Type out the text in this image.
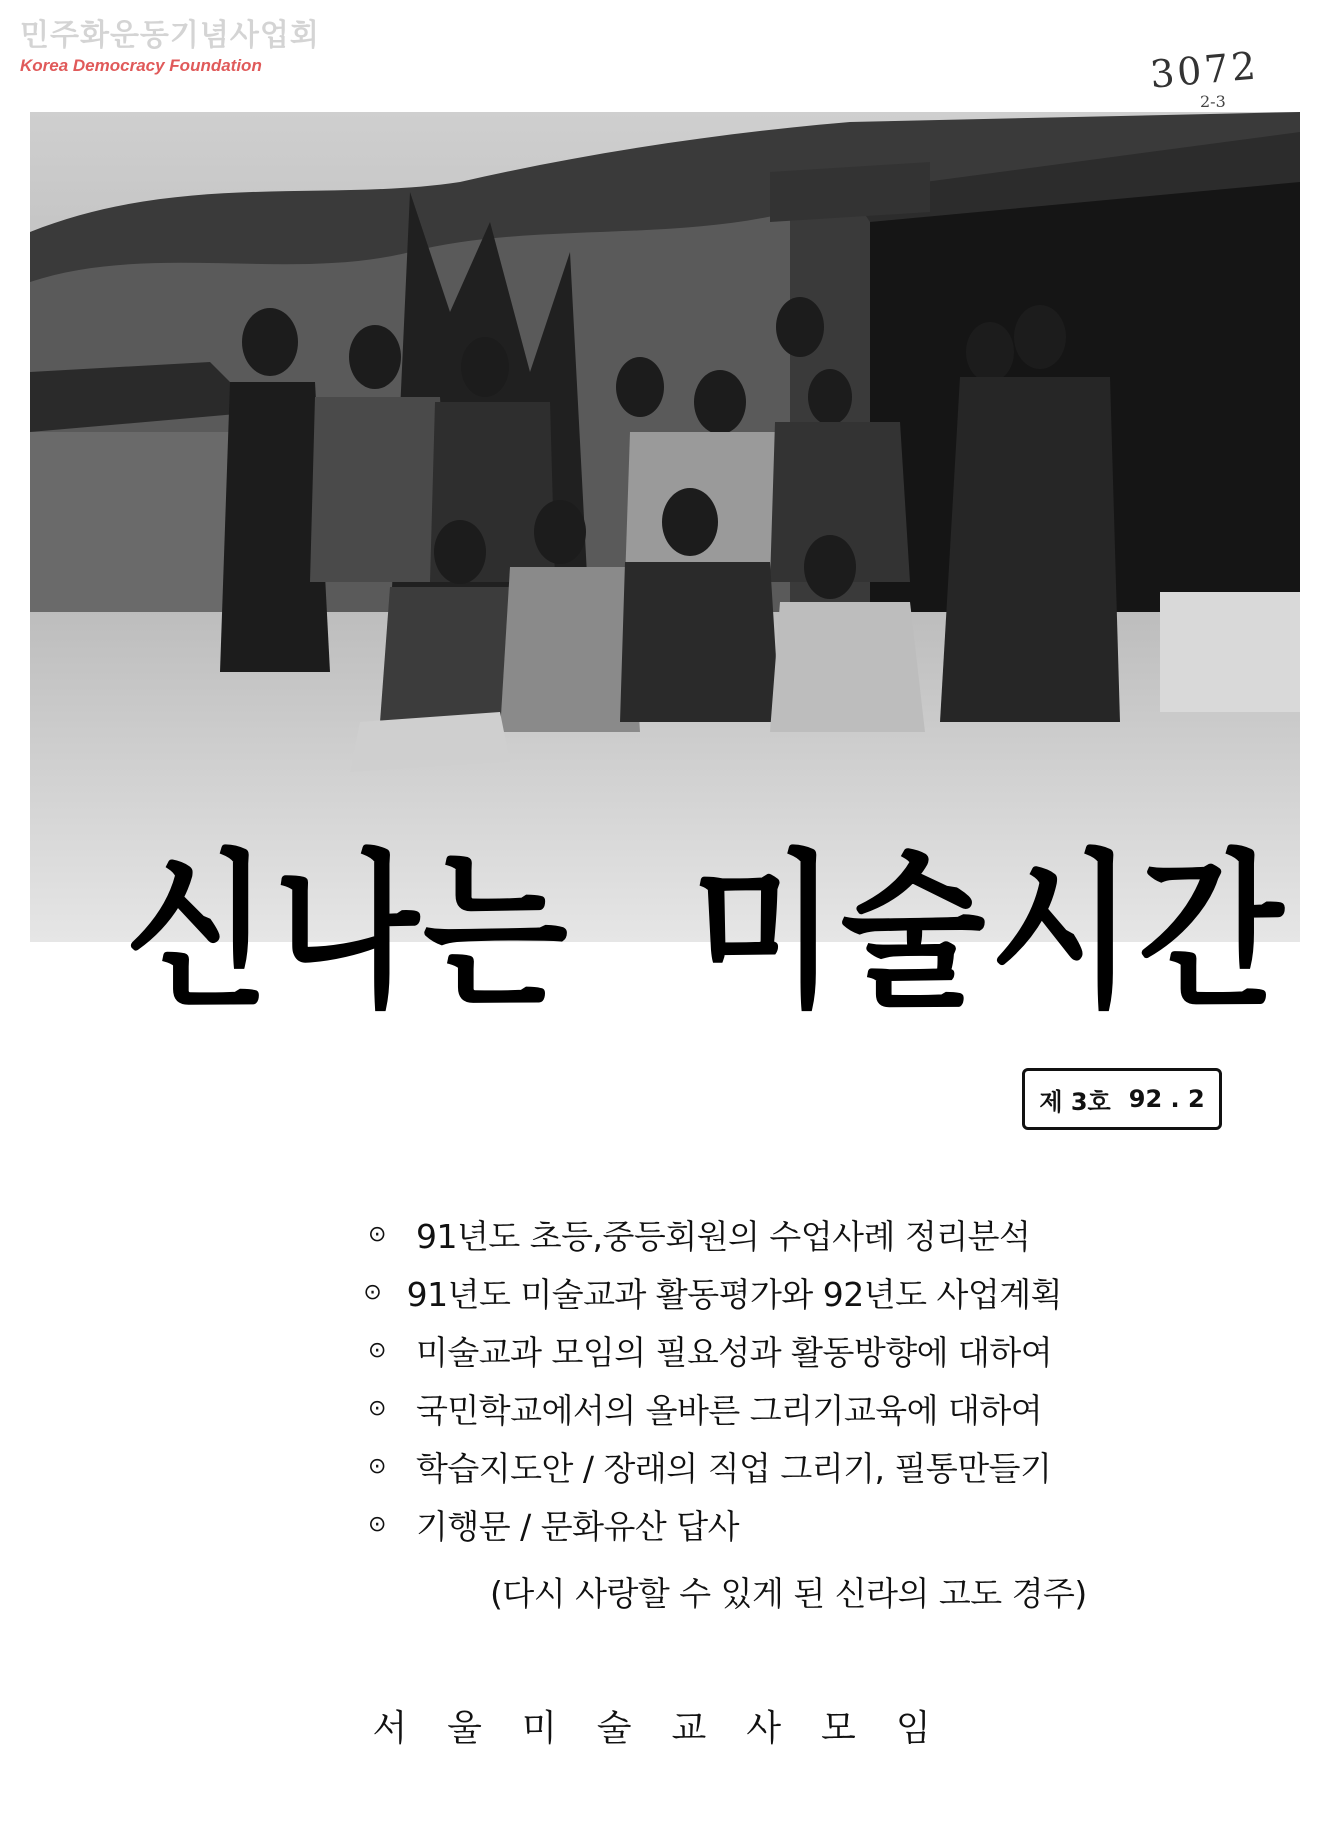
민주화운동기념사업회
Korea Democracy Foundation	3072
2-3
신나는 미술시간
제 3호 92 . 2
⊙ 91년도 초등,중등회원의 수업사례 정리분석
⊙ 91년도 미술교과 활동평가와 92년도 사업계획
⊙ 미술교과 모임의 필요성과 활동방향에 대하여
⊙ 국민학교에서의 올바른 그리기교육에 대하여
⊙ 학습지도안 / 장래의 직업 그리기, 필통만들기
⊙ 기행문 / 문화유산 답사
(다시 사랑할 수 있게 된 신라의 고도 경주)
서울미술교사모임
